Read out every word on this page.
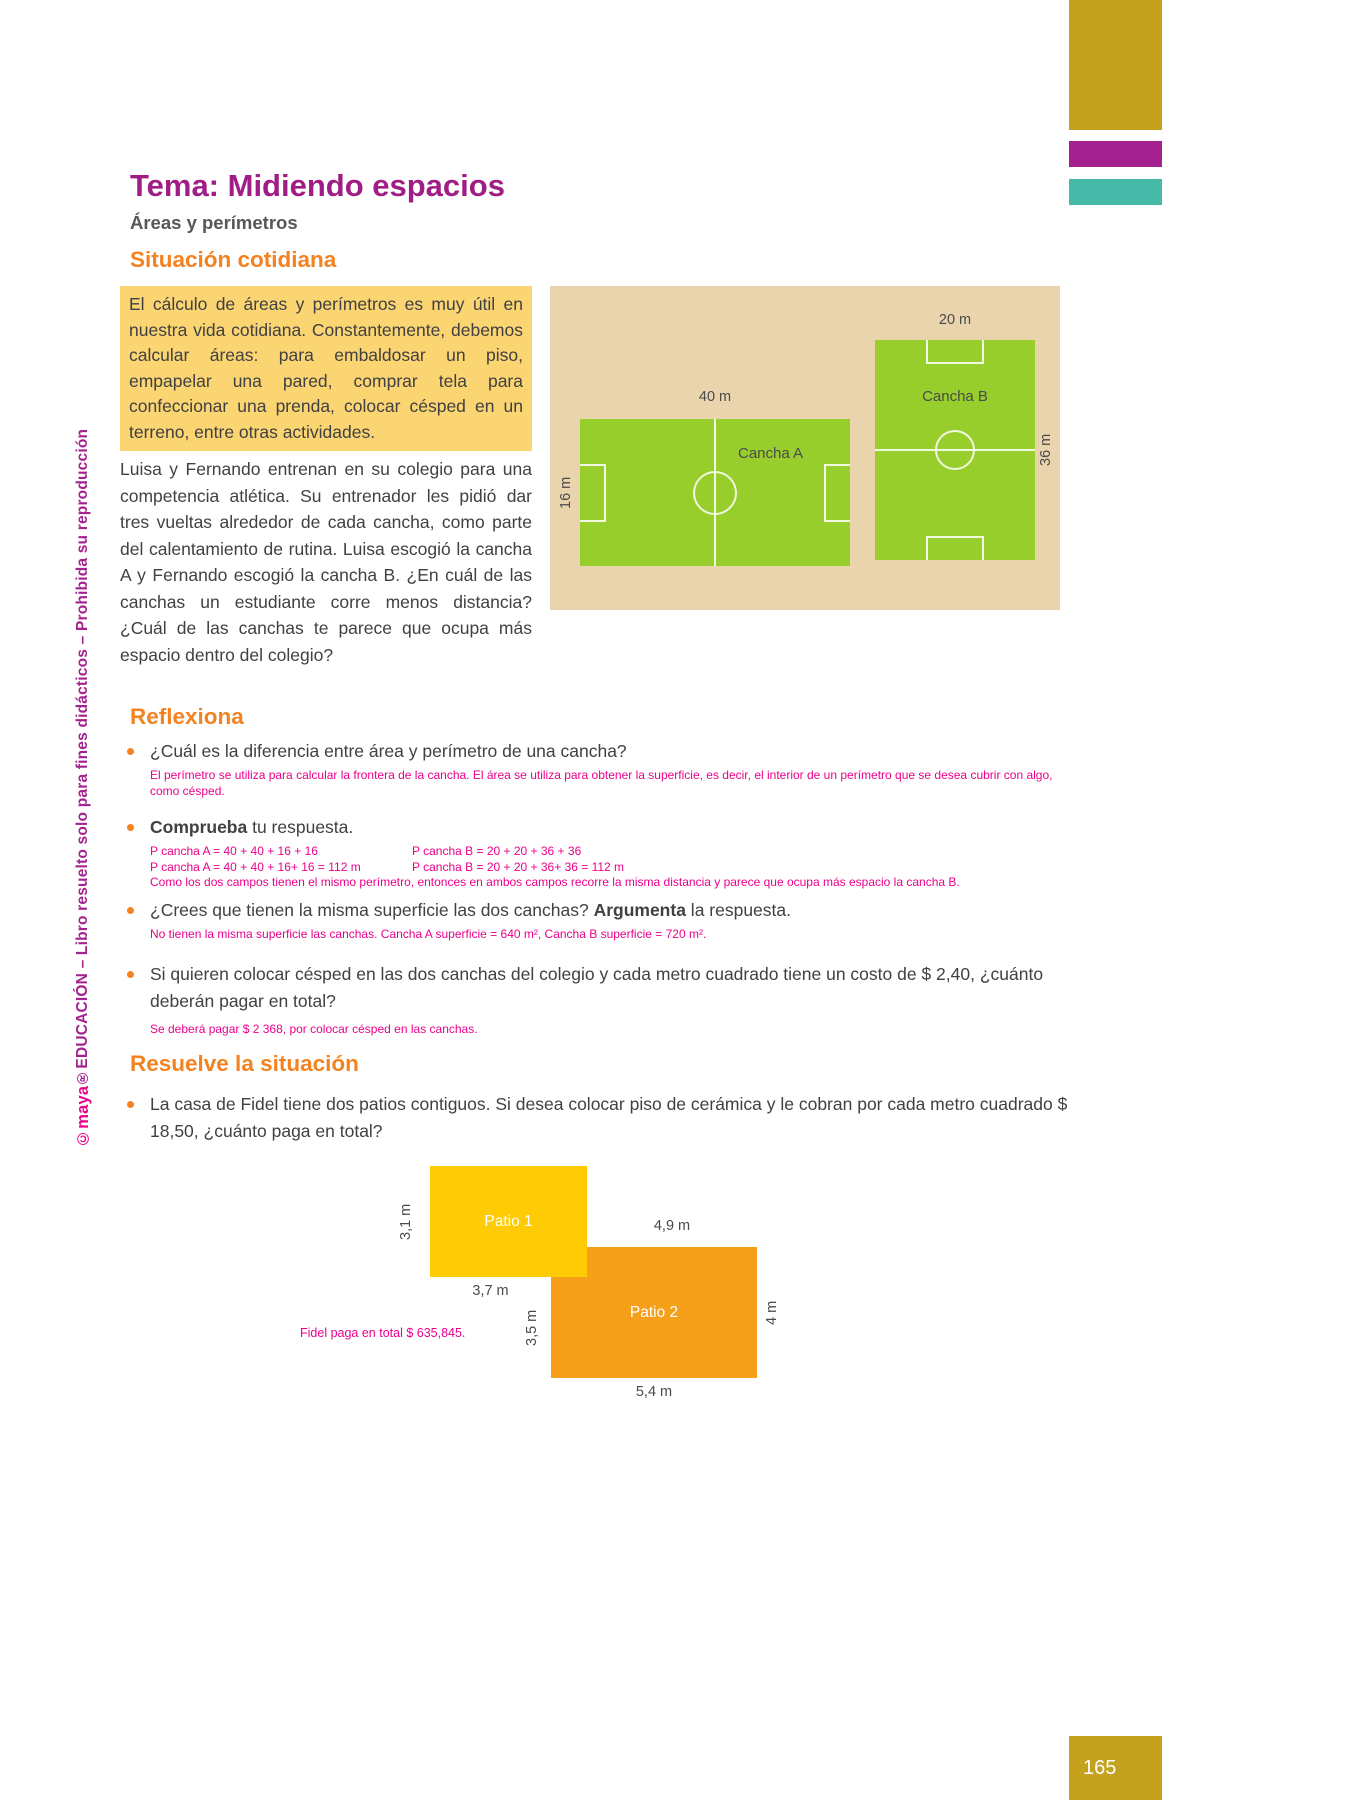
©maya®EDUCACIÓN – Libro resuelto solo para fines didácticos – Prohibida su reproducción
Tema: Midiendo espacios
Áreas y perímetros
Situación cotidiana

El cálculo de áreas y perímetros es muy útil en nuestra vida cotidiana. Constantemente, debemos calcular áreas: para embaldosar un piso, empapelar una pared, comprar tela para confeccionar una prenda, colocar césped en un terreno, entre otras actividades.

Luisa y Fernando entrenan en su colegio para una competencia atlética. Su entrenador les pidió dar tres vueltas alrededor de cada cancha, como parte del calentamiento de rutina. Luisa escogió la cancha A y Fernando escogió la cancha B. ¿En cuál de las canchas un estudiante corre menos distancia? ¿Cuál de las canchas te parece que ocupa más espacio dentro del colegio?

40 m
16 m
Cancha A
20 m
Cancha B
36 m
Reflexiona

¿Cuál es la diferencia entre área y perímetro de una cancha?

El perímetro se utiliza para calcular la frontera de la cancha. El área se utiliza para obtener la superficie, es decir, el interior de un perímetro que se desea cubrir con algo, como césped.

Comprueba tu respuesta.

P cancha A = 40 + 40 + 16 + 16

P cancha A = 40 + 40 + 16+ 16 = 112 m

P cancha B = 20 + 20 + 36 + 36

P cancha B = 20 + 20 + 36+ 36 = 112 m

Como los dos campos tienen el mismo perímetro, entonces en ambos campos recorre la misma distancia y parece que ocupa más espacio la cancha B.

¿Crees que tienen la misma superficie las dos canchas? Argumenta la respuesta.

No tienen la misma superficie las canchas. Cancha A superficie = 640 m², Cancha B superficie = 720 m².

Si quieren colocar césped en las dos canchas del colegio y cada metro cuadrado tiene un costo de $ 2,40, ¿cuánto deberán pagar en total?

Se deberá pagar $ 2 368, por colocar césped en las canchas.

Resuelve la situación

La casa de Fidel tiene dos patios contiguos. Si desea colocar piso de cerámica y le cobran por cada metro cuadrado $ 18,50, ¿cuánto paga en total?

Patio 2
Patio 1
3,1 m
3,7 m
4,9 m
3,5 m	4 m
5,4 m

Fidel paga en total $ 635,845.

165
